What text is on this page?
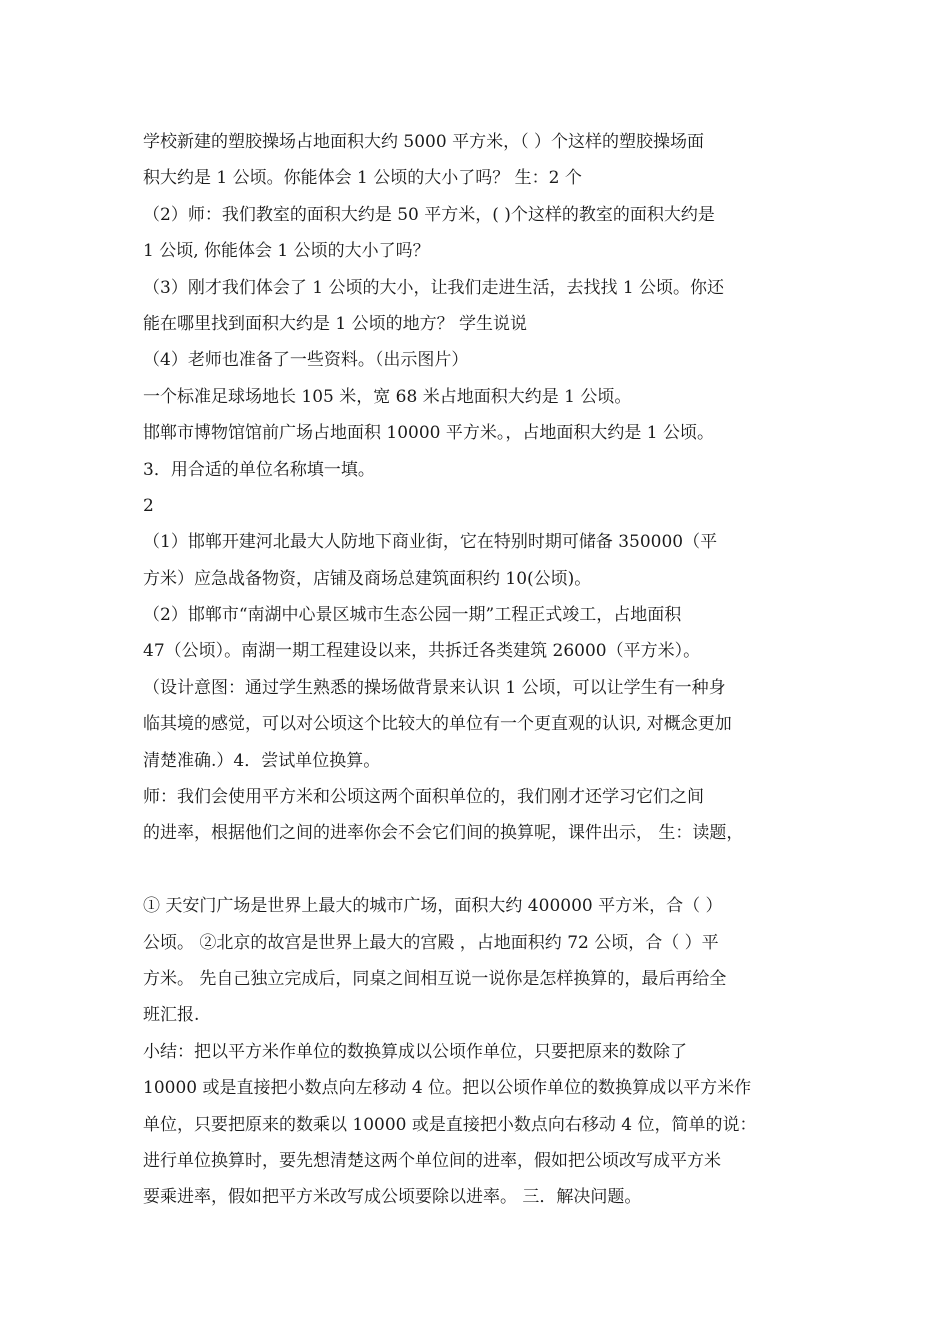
学校新建的塑胶操场占地面积大约 5000 平方米，（ ）个这样的塑胶操场面
积大约是 1 公顷。你能体会 1 公顷的大小了吗？ 生：2 个
（2）师：我们教室的面积大约是 50 平方米，( )个这样的教室的面积大约是
1 公顷, 你能体会 1 公顷的大小了吗？
（3）刚才我们体会了 1 公顷的大小，让我们走进生活，去找找 1 公顷。你还
能在哪里找到面积大约是 1 公顷的地方？ 学生说说
（4）老师也准备了一些资料。（出示图片）
一个标准足球场地长 105 米，宽 68 米占地面积大约是 1 公顷。
邯郸市博物馆馆前广场占地面积 10000 平方米。，占地面积大约是 1 公顷。
3．用合适的单位名称填一填。
2
（1）邯郸开建河北最大人防地下商业街，它在特别时期可储备 350000（平
方米）应急战备物资，店铺及商场总建筑面积约 10(公顷)。
（2）邯郸市“南湖中心景区城市生态公园一期”工程正式竣工，占地面积
47（公顷）。南湖一期工程建设以来，共拆迁各类建筑 26000（平方米）。
（设计意图：通过学生熟悉的操场做背景来认识 1 公顷，可以让学生有一种身
临其境的感觉，可以对公顷这个比较大的单位有一个更直观的认识, 对概念更加
清楚准确.）4．尝试单位换算。
师：我们会使用平方米和公顷这两个面积单位的，我们刚才还学习它们之间
的进率，根据他们之间的进率你会不会它们间的换算呢，课件出示， 生：读题，
① 天安门广场是世界上最大的城市广场，面积大约 400000 平方米，合（ ）
公顷。 ②北京的故宫是世界上最大的宫殿 ，占地面积约 72 公顷，合（ ）平
方米。 先自己独立完成后，同桌之间相互说一说你是怎样换算的，最后再给全
班汇报.
小结：把以平方米作单位的数换算成以公顷作单位，只要把原来的数除了
10000 或是直接把小数点向左移动 4 位。把以公顷作单位的数换算成以平方米作
单位，只要把原来的数乘以 10000 或是直接把小数点向右移动 4 位，简单的说：
进行单位换算时，要先想清楚这两个单位间的进率，假如把公顷改写成平方米
要乘进率，假如把平方米改写成公顷要除以进率。 三．解决问题。
